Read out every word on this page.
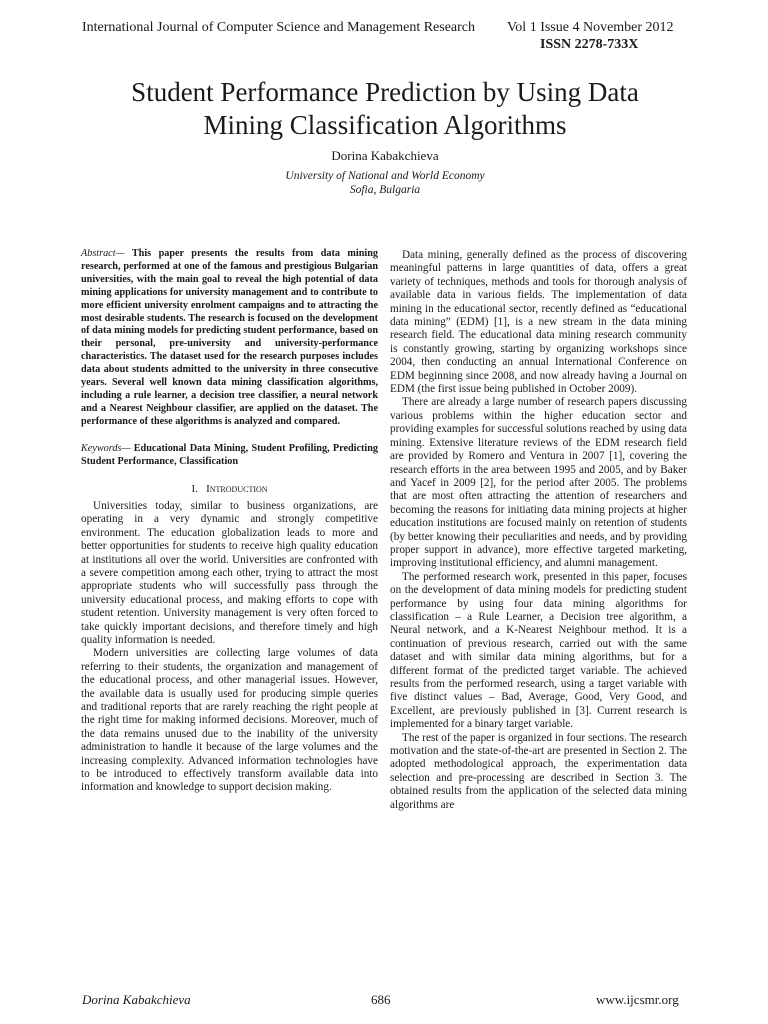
International Journal of Computer Science and Management Research Vol 1 Issue 4 November 2012
ISSN 2278-733X
Student Performance Prediction by Using Data
Mining Classification Algorithms
Dorina Kabakchieva
University of National and World Economy
Sofia, Bulgaria

Abstract— This paper presents the results from data mining research, performed at one of the famous and prestigious Bulgarian universities, with the main goal to reveal the high potential of data mining applications for university management and to contribute to more efficient university enrolment campaigns and to attracting the most desirable students. The research is focused on the development of data mining models for predicting student performance, based on their personal, pre-university and university-performance characteristics. The dataset used for the research purposes includes data about students admitted to the university in three consecutive years. Several well known data mining classification algorithms, including a rule learner, a decision tree classifier, a neural network and a Nearest Neighbour classifier, are applied on the dataset. The performance of these algorithms is analyzed and compared.

Keywords— Educational Data Mining, Student Profiling, Predicting Student Performance, Classification

I. Introduction

Universities today, similar to business organizations, are operating in a very dynamic and strongly competitive environment. The education globalization leads to more and better opportunities for students to receive high quality education at institutions all over the world. Universities are confronted with a severe competition among each other, trying to attract the most appropriate students who will successfully pass through the university educational process, and making efforts to cope with student retention. University management is very often forced to take quickly important decisions, and therefore timely and high quality information is needed.

Modern universities are collecting large volumes of data referring to their students, the organization and management of the educational process, and other managerial issues. However, the available data is usually used for producing simple queries and traditional reports that are rarely reaching the right people at the right time for making informed decisions. Moreover, much of the data remains unused due to the inability of the university administration to handle it because of the large volumes and the increasing complexity. Advanced information technologies have to be introduced to effectively transform available data into information and knowledge to support decision making.

Data mining, generally defined as the process of discovering meaningful patterns in large quantities of data, offers a great variety of techniques, methods and tools for thorough analysis of available data in various fields. The implementation of data mining in the educational sector, recently defined as “educational data mining” (EDM) [1], is a new stream in the data mining research field. The educational data mining research community is constantly growing, starting by organizing workshops since 2004, then conducting an annual International Conference on EDM beginning since 2008, and now already having a Journal on EDM (the first issue being published in October 2009).

There are already a large number of research papers discussing various problems within the higher education sector and providing examples for successful solutions reached by using data mining. Extensive literature reviews of the EDM research field are provided by Romero and Ventura in 2007 [1], covering the research efforts in the area between 1995 and 2005, and by Baker and Yacef in 2009 [2], for the period after 2005. The problems that are most often attracting the attention of researchers and becoming the reasons for initiating data mining projects at higher education institutions are focused mainly on retention of students (by better knowing their peculiarities and needs, and by providing proper support in advance), more effective targeted marketing, improving institutional efficiency, and alumni management.

The performed research work, presented in this paper, focuses on the development of data mining models for predicting student performance by using four data mining algorithms for classification – a Rule Learner, a Decision tree algorithm, a Neural network, and a K-Nearest Neighbour method. It is a continuation of previous research, carried out with the same dataset and with similar data mining algorithms, but for a different format of the predicted target variable. The achieved results from the performed research, using a target variable with five distinct values – Bad, Average, Good, Very Good, and Excellent, are previously published in [3]. Current research is implemented for a binary target variable.

The rest of the paper is organized in four sections. The research motivation and the state-of-the-art are presented in Section 2. The adopted methodological approach, the experimentation data selection and pre-processing are described in Section 3. The obtained results from the application of the selected data mining algorithms are

Dorina Kabakchieva	686	www.ijcsmr.org
